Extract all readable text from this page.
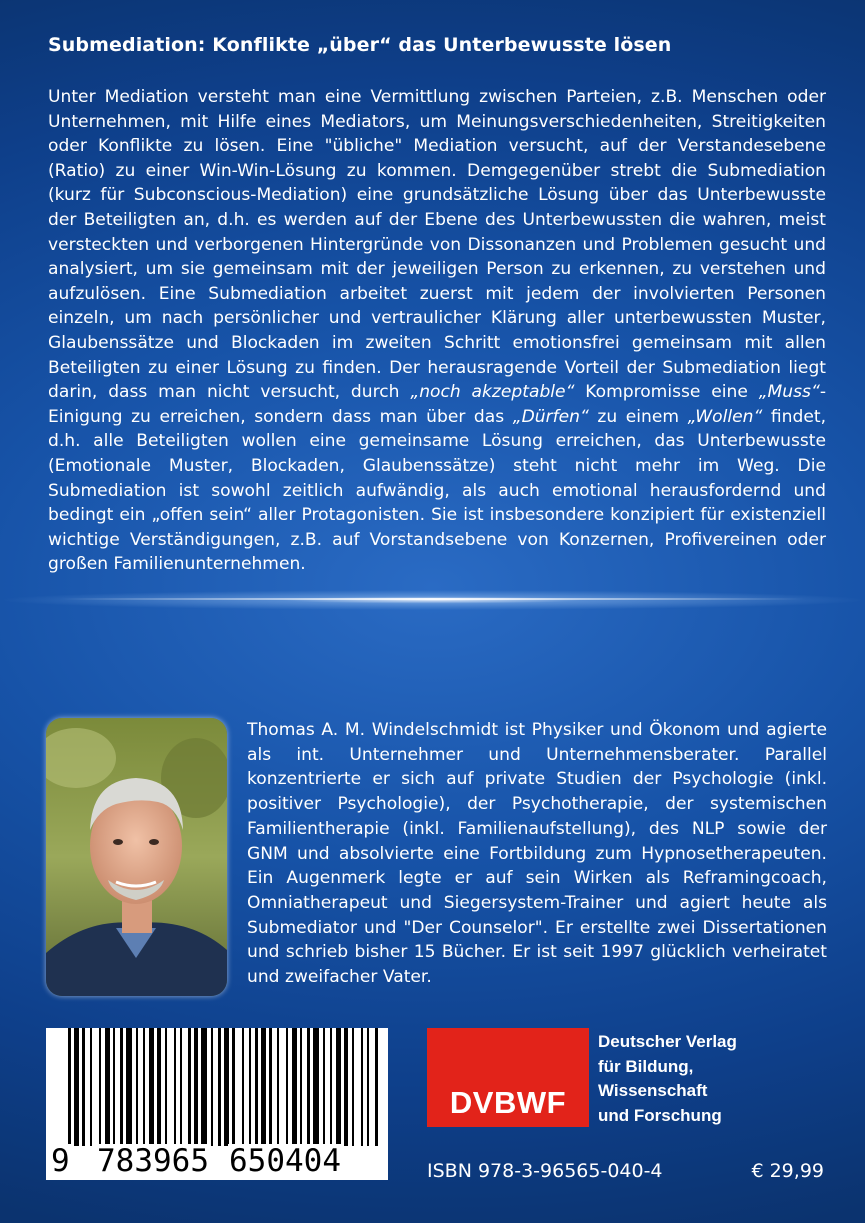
Submediation: Konflikte „über“ das Unterbewusste lösen

Unter Mediation versteht man eine Vermittlung zwischen Parteien, z.B. Menschen oder Unternehmen, mit Hilfe eines Mediators, um Meinungsverschiedenheiten, Streitigkeiten oder Konflikte zu lösen. Eine "übliche" Mediation versucht, auf der Verstandesebene (Ratio) zu einer Win-Win-Lösung zu kommen. Demgegenüber strebt die Submediation (kurz für Subconscious-Mediation) eine grundsätzliche Lösung über das Unterbewusste der Beteiligten an, d.h. es werden auf der Ebene des Unterbewussten die wahren, meist versteckten und verborgenen Hintergründe von Dissonanzen und Problemen gesucht und analysiert, um sie gemeinsam mit der jeweiligen Person zu erkennen, zu verstehen und aufzulösen. Eine Submediation arbeitet zuerst mit jedem der involvierten Personen einzeln, um nach persönlicher und vertraulicher Klärung aller unterbewussten Muster, Glaubenssätze und Blockaden im zweiten Schritt emotionsfrei gemeinsam mit allen Beteiligten zu einer Lösung zu finden. Der herausragende Vorteil der Submediation liegt darin, dass man nicht versucht, durch „noch akzeptable“ Kompromisse eine „Muss“-Einigung zu erreichen, sondern dass man über das „Dürfen“ zu einem „Wollen“ findet, d.h. alle Beteiligten wollen eine gemeinsame Lösung erreichen, das Unterbewusste (Emotionale Muster, Blockaden, Glaubenssätze) steht nicht mehr im Weg. Die Submediation ist sowohl zeitlich aufwändig, als auch emotional herausfordernd und bedingt ein „offen sein“ aller Protagonisten. Sie ist insbesondere konzipiert für existenziell wichtige Verständigungen, z.B. auf Vorstandsebene von Konzernen, Profivereinen oder großen Familienunternehmen.

Thomas A. M. Windelschmidt ist Physiker und Ökonom und agierte als int. Unternehmer und Unternehmensberater. Parallel konzentrierte er sich auf private Studien der Psychologie (inkl. positiver Psychologie), der Psychotherapie, der systemischen Familientherapie (inkl. Familienaufstellung), des NLP sowie der GNM und absolvierte eine Fortbildung zum Hypnosetherapeuten. Ein Augenmerk legte er auf sein Wirken als Reframingcoach, Omniatherapeut und Siegersystem-Trainer und agiert heute als Submediator und "Der Counselor". Er erstellte zwei Dissertationen und schrieb bisher 15 Bücher. Er ist seit 1997 glücklich verheiratet und zweifacher Vater.

9 783965 650404
DVBWF
Deutscher Verlag
für Bildung,
Wissenschaft
und Forschung
ISBN 978-3-96565-040-4	€ 29,99
